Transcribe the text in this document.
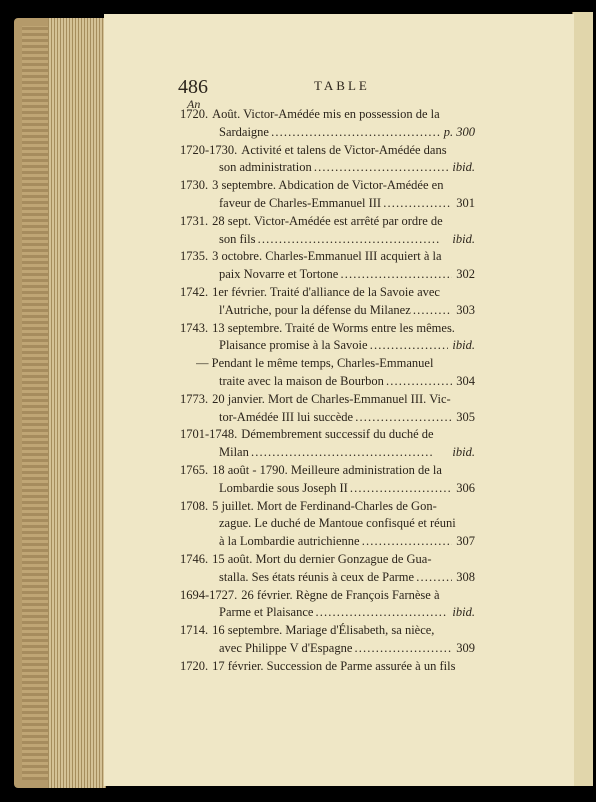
486	TABLE
An
1720. Août. Victor-Amédée mis en possession de la
Sardaigne . . .	p. 300
1720-1730. Activité et talens de Victor-Amédée dans
son administration . . .	ibid.
1730. 3 septembre. Abdication de Victor-Amédée en
faveur de Charles-Emmanuel III . . .	301
1731. 28 sept. Victor-Amédée est arrêté par ordre de
son fils . . .	ibid.
1735. 3 octobre. Charles-Emmanuel III acquiert à la
paix Novarre et Tortone . . .	302
1742. 1er février. Traité d'alliance de la Savoie avec
l'Autriche, pour la défense du Milanez . . .	303
1743. 13 septembre. Traité de Worms entre les mêmes.
Plaisance promise à la Savoie . . .	ibid.
— Pendant le même temps, Charles-Emmanuel
traite avec la maison de Bourbon . . .	304
1773. 20 janvier. Mort de Charles-Emmanuel III. Vic-
tor-Amédée III lui succède . . .	305
1701-1748. Démembrement successif du duché de
Milan . . .	ibid.
1765. 18 août - 1790. Meilleure administration de la
Lombardie sous Joseph II . . .	306
1708. 5 juillet. Mort de Ferdinand-Charles de Gon-
zague. Le duché de Mantoue confisqué et réuni
à la Lombardie autrichienne . . .	307
1746. 15 août. Mort du dernier Gonzague de Gua-
stalla. Ses états réunis à ceux de Parme . . .	308
1694-1727. 26 février. Règne de François Farnèse à
Parme et Plaisance . . .	ibid.
1714. 16 septembre. Mariage d'Élisabeth, sa nièce,
avec Philippe V d'Espagne . . .	309
1720. 17 février. Succession de Parme assurée à un fils
